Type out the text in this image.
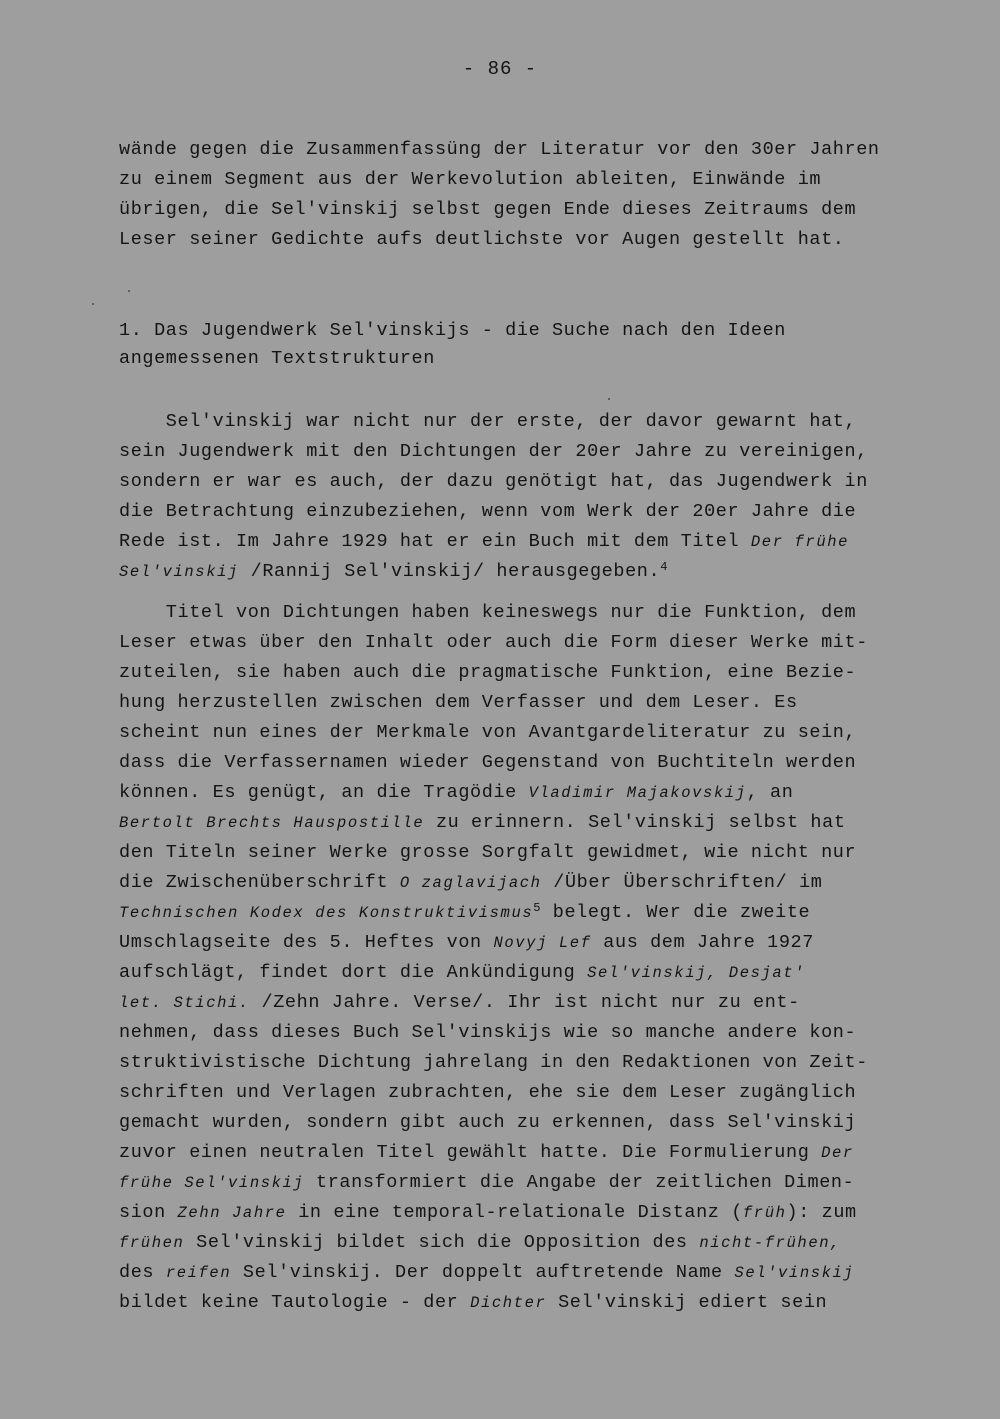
- 86 -

wände gegen die Zusammenfassüng der Literatur vor den 30er Jahren

zu einem Segment aus der Werkevolution ableiten, Einwände im

übrigen, die Sel'vinskij selbst gegen Ende dieses Zeitraums dem

Leser seiner Gedichte aufs deutlichste vor Augen gestellt hat.

1. Das Jugendwerk Sel'vinskijs - die Suche nach den Ideen

angemessenen Textstrukturen

Sel'vinskij war nicht nur der erste, der davor gewarnt hat,

sein Jugendwerk mit den Dichtungen der 20er Jahre zu vereinigen,

sondern er war es auch, der dazu genötigt hat, das Jugendwerk in

die Betrachtung einzubeziehen, wenn vom Werk der 20er Jahre die

Rede ist. Im Jahre 1929 hat er ein Buch mit dem Titel Der frühe

Sel'vinskij /Rannij Sel'vinskij/ herausgegeben.$^4$

Titel von Dichtungen haben keineswegs nur die Funktion, dem

Leser etwas über den Inhalt oder auch die Form dieser Werke mit-

zuteilen, sie haben auch die pragmatische Funktion, eine Bezie-

hung herzustellen zwischen dem Verfasser und dem Leser. Es

scheint nun eines der Merkmale von Avantgardeliteratur zu sein,

dass die Verfassernamen wieder Gegenstand von Buchtiteln werden

können. Es genügt, an die Tragödie Vladimir Majakovskij, an

Bertolt Brechts Hauspostille zu erinnern. Sel'vinskij selbst hat

den Titeln seiner Werke grosse Sorgfalt gewidmet, wie nicht nur

die Zwischenüberschrift O zaglavijach /Über Überschriften/ im

Technischen Kodex des Konstruktivismus$^5$ belegt. Wer die zweite

Umschlagseite des 5. Heftes von Novyj Lef aus dem Jahre 1927

aufschlägt, findet dort die Ankündigung Sel'vinskij, Desjat'

let. Stichi. /Zehn Jahre. Verse/. Ihr ist nicht nur zu ent-

nehmen, dass dieses Buch Sel'vinskijs wie so manche andere kon-

struktivistische Dichtung jahrelang in den Redaktionen von Zeit-

schriften und Verlagen zubrachten, ehe sie dem Leser zugänglich

gemacht wurden, sondern gibt auch zu erkennen, dass Sel'vinskij

zuvor einen neutralen Titel gewählt hatte. Die Formulierung Der

frühe Sel'vinskij transformiert die Angabe der zeitlichen Dimen-

sion Zehn Jahre in eine temporal-relationale Distanz (früh): zum

frühen Sel'vinskij bildet sich die Opposition des nicht-frühen,

des reifen Sel'vinskij. Der doppelt auftretende Name Sel'vinskij

bildet keine Tautologie - der Dichter Sel'vinskij ediert sein
